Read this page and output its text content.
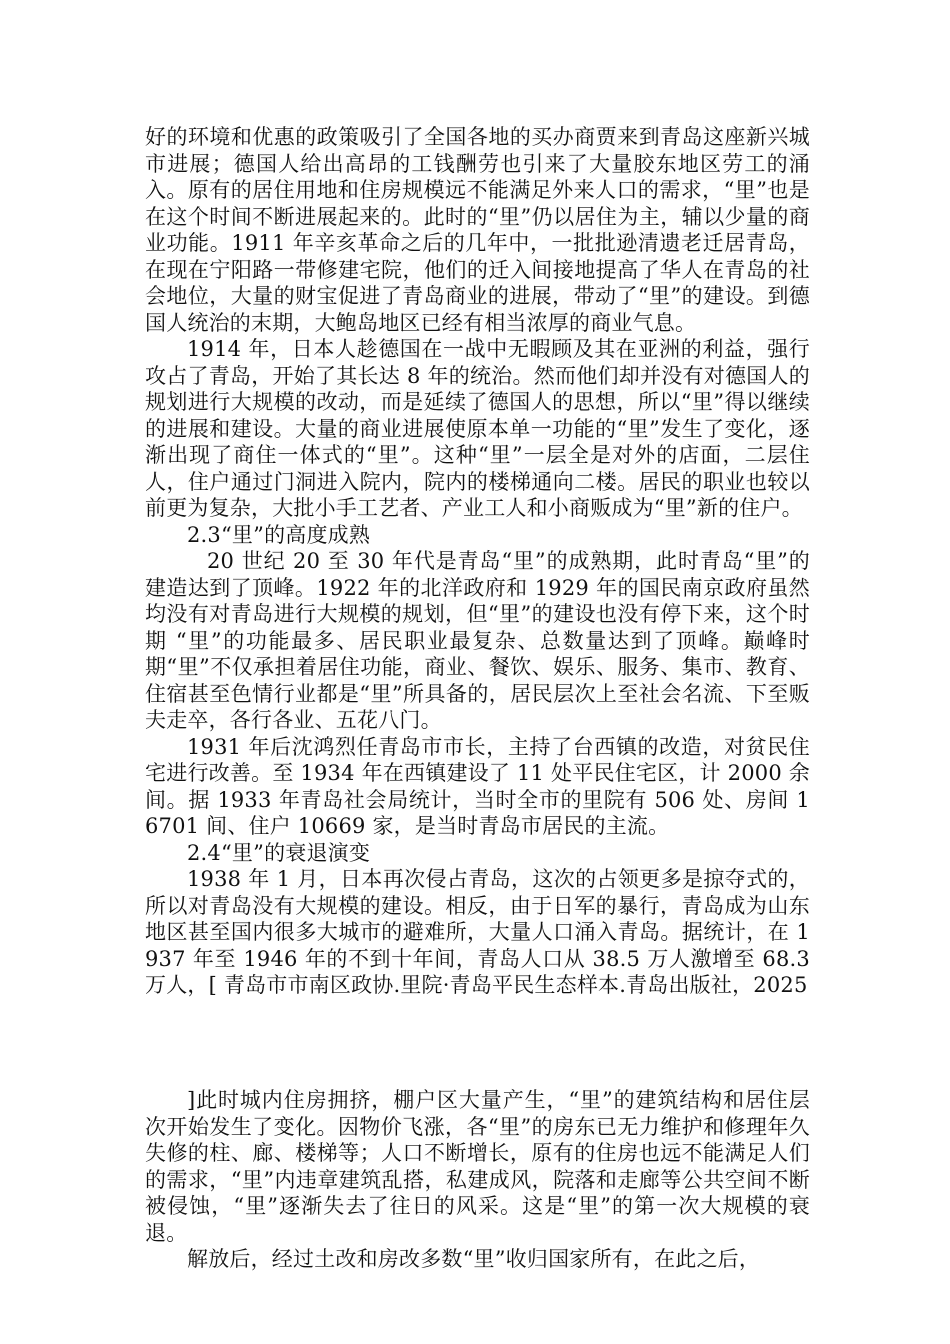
好的环境和优惠的政策吸引了全国各地的买办商贾来到青岛这座新兴城市进展；德国人给出高昂的工钱酬劳也引来了大量胶东地区劳工的涌入。原有的居住用地和住房规模远不能满足外来人口的需求，“里”也是在这个时间不断进展起来的。此时的“里”仍以居住为主，辅以少量的商业功能。1911 年辛亥革命之后的几年中，一批批逊清遗老迁居青岛，在现在宁阳路一带修建宅院，他们的迁入间接地提高了华人在青岛的社会地位，大量的财宝促进了青岛商业的进展，带动了“里”的建设。到德国人统治的末期，大鲍岛地区已经有相当浓厚的商业气息。

1914 年，日本人趁德国在一战中无暇顾及其在亚洲的利益，强行攻占了青岛，开始了其长达 8 年的统治。然而他们却并没有对德国人的规划进行大规模的改动，而是延续了德国人的思想，所以“里”得以继续的进展和建设。大量的商业进展使原本单一功能的“里”发生了变化，逐渐出现了商住一体式的“里”。这种“里”一层全是对外的店面，二层住人，住户通过门洞进入院内，院内的楼梯通向二楼。居民的职业也较以前更为复杂，大批小手工艺者、产业工人和小商贩成为“里”新的住户。

2.3“里”的高度成熟

20 世纪 20 至 30 年代是青岛“里”的成熟期，此时青岛“里”的建造达到了顶峰。1922 年的北洋政府和 1929 年的国民南京政府虽然均没有对青岛进行大规模的规划，但“里”的建设也没有停下来，这个时期 “里”的功能最多、居民职业最复杂、总数量达到了顶峰。巅峰时期“里”不仅承担着居住功能，商业、餐饮、娱乐、服务、集市、教育、住宿甚至色情行业都是“里”所具备的，居民层次上至社会名流、下至贩夫走卒，各行各业、五花八门。

1931 年后沈鸿烈任青岛市市长，主持了台西镇的改造，对贫民住宅进行改善。至 1934 年在西镇建设了 11 处平民住宅区，计 2000 余间。据 1933 年青岛社会局统计，当时全市的里院有 506 处、房间 16701 间、住户 10669 家，是当时青岛市居民的主流。

2.4“里”的衰退演变

1938 年 1 月，日本再次侵占青岛，这次的占领更多是掠夺式的，所以对青岛没有大规模的建设。相反，由于日军的暴行，青岛成为山东地区甚至国内很多大城市的避难所，大量人口涌入青岛。据统计，在 1937 年至 1946 年的不到十年间，青岛人口从 38.5 万人激增至 68.3 万人，[ 青岛市市南区政协.里院·青岛平民生态样本.青岛出版社，2025

]此时城内住房拥挤，棚户区大量产生，“里”的建筑结构和居住层次开始发生了变化。因物价飞涨，各“里”的房东已无力维护和修理年久失修的柱、廊、楼梯等；人口不断增长，原有的住房也远不能满足人们的需求，“里”内违章建筑乱搭，私建成风，院落和走廊等公共空间不断被侵蚀，“里”逐渐失去了往日的风采。这是“里”的第一次大规模的衰退。

解放后，经过土改和房改多数“里”收归国家所有，在此之后，
